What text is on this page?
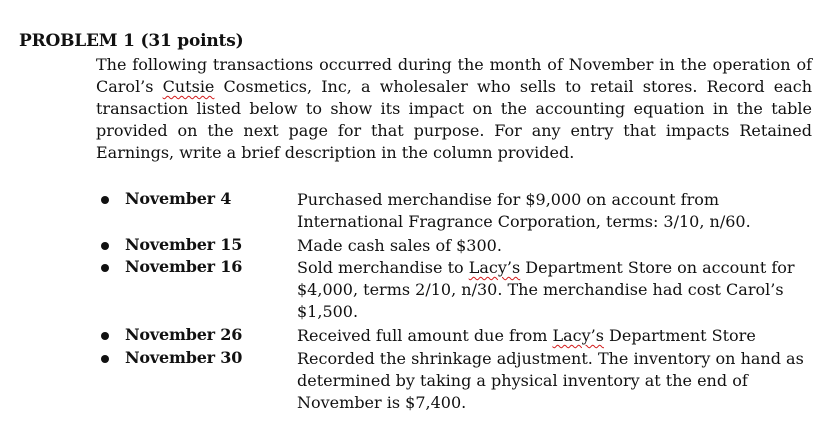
PROBLEM 1 (31 points)
The following transactions occurred during the month of November in the operation of
Carol’s Cutsie Cosmetics, Inc, a wholesaler who sells to retail stores. Record each
transaction listed below to show its impact on the accounting equation in the table
provided on the next page for that purpose. For any entry that impacts Retained
Earnings, write a brief description in the column provided.
November 4	Purchased merchandise for $9,000 on account from
International Fragrance Corporation, terms: 3/10, n/60.
November 15	Made cash sales of $300.
November 16	Sold merchandise to Lacy’s Department Store on account for
$4,000, terms 2/10, n/30. The merchandise had cost Carol’s
$1,500.
November 26	Received full amount due from Lacy’s Department Store
November 30	Recorded the shrinkage adjustment. The inventory on hand as
determined by taking a physical inventory at the end of
November is $7,400.
